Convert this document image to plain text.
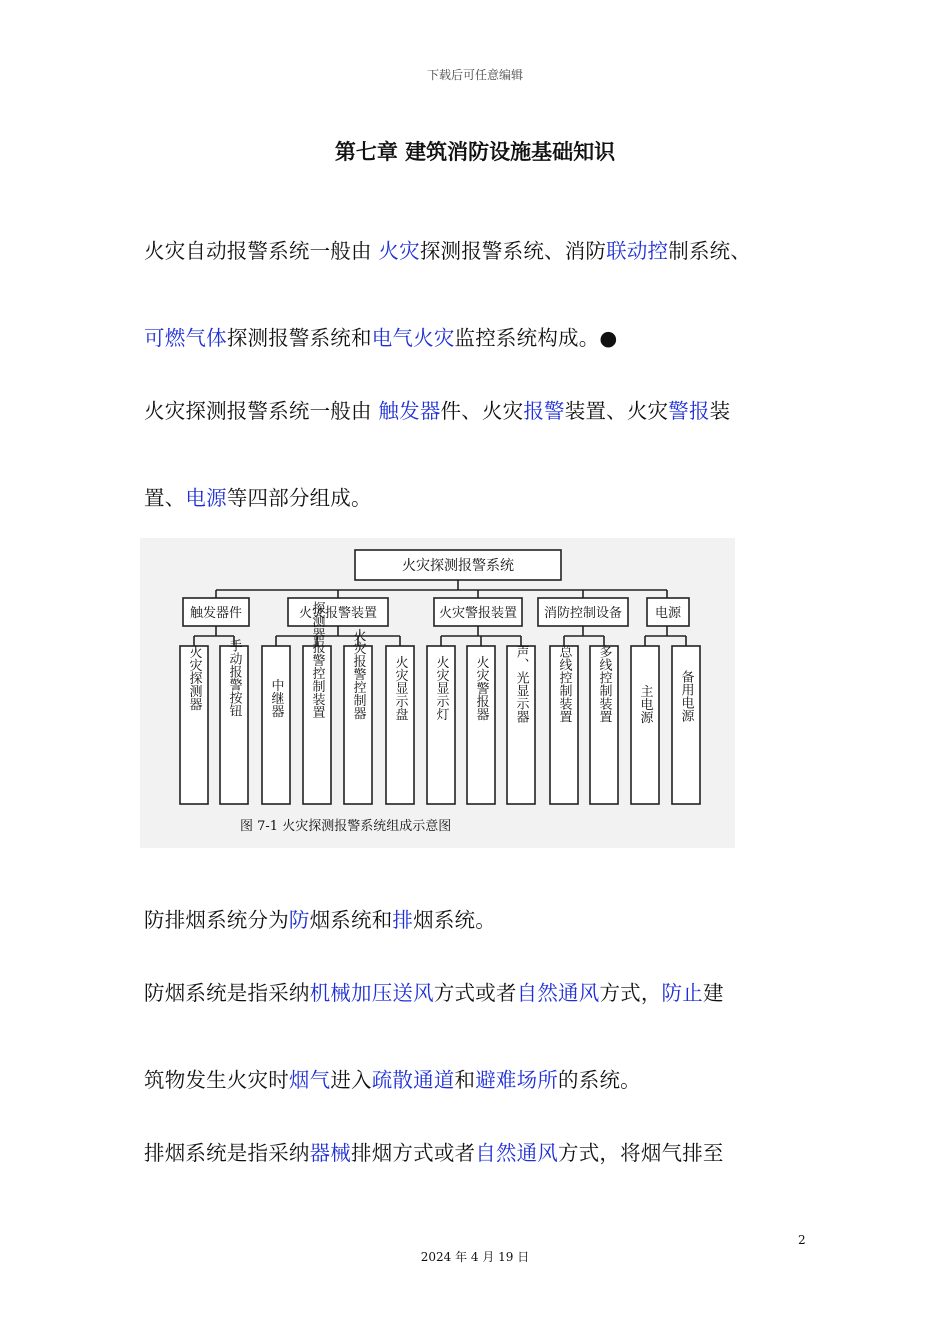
下载后可任意编辑
第七章 建筑消防设施基础知识
火灾自动报警系统一般由 火灾探测报警系统、消防联动控制系统、
可燃气体探测报警系统和电气火灾监控系统构成。●
火灾探测报警系统一般由 触发器件、火灾报警装置、火灾警报装
置、电源等四部分组成。
火灾探测报警系统
触发器件	火灾报警装置	火灾警报装置 消防控制设备	电源
火灾探测器 手动报警按钮 中继器 探测器报警控制装置 火灾报警控制器 火灾显示盘 火灾显示灯 火灾警报器 声、光显示器 总线控制装置 多线控制装置 主电源 备用电源
图 7-1 火灾探测报警系统组成示意图
防排烟系统分为防烟系统和排烟系统。
防烟系统是指采纳机械加压送风方式或者自然通风方式，防止建
筑物发生火灾时烟气进入疏散通道和避难场所的系统。
排烟系统是指采纳器械排烟方式或者自然通风方式，将烟气排至
2
2024 年 4 月 19 日
